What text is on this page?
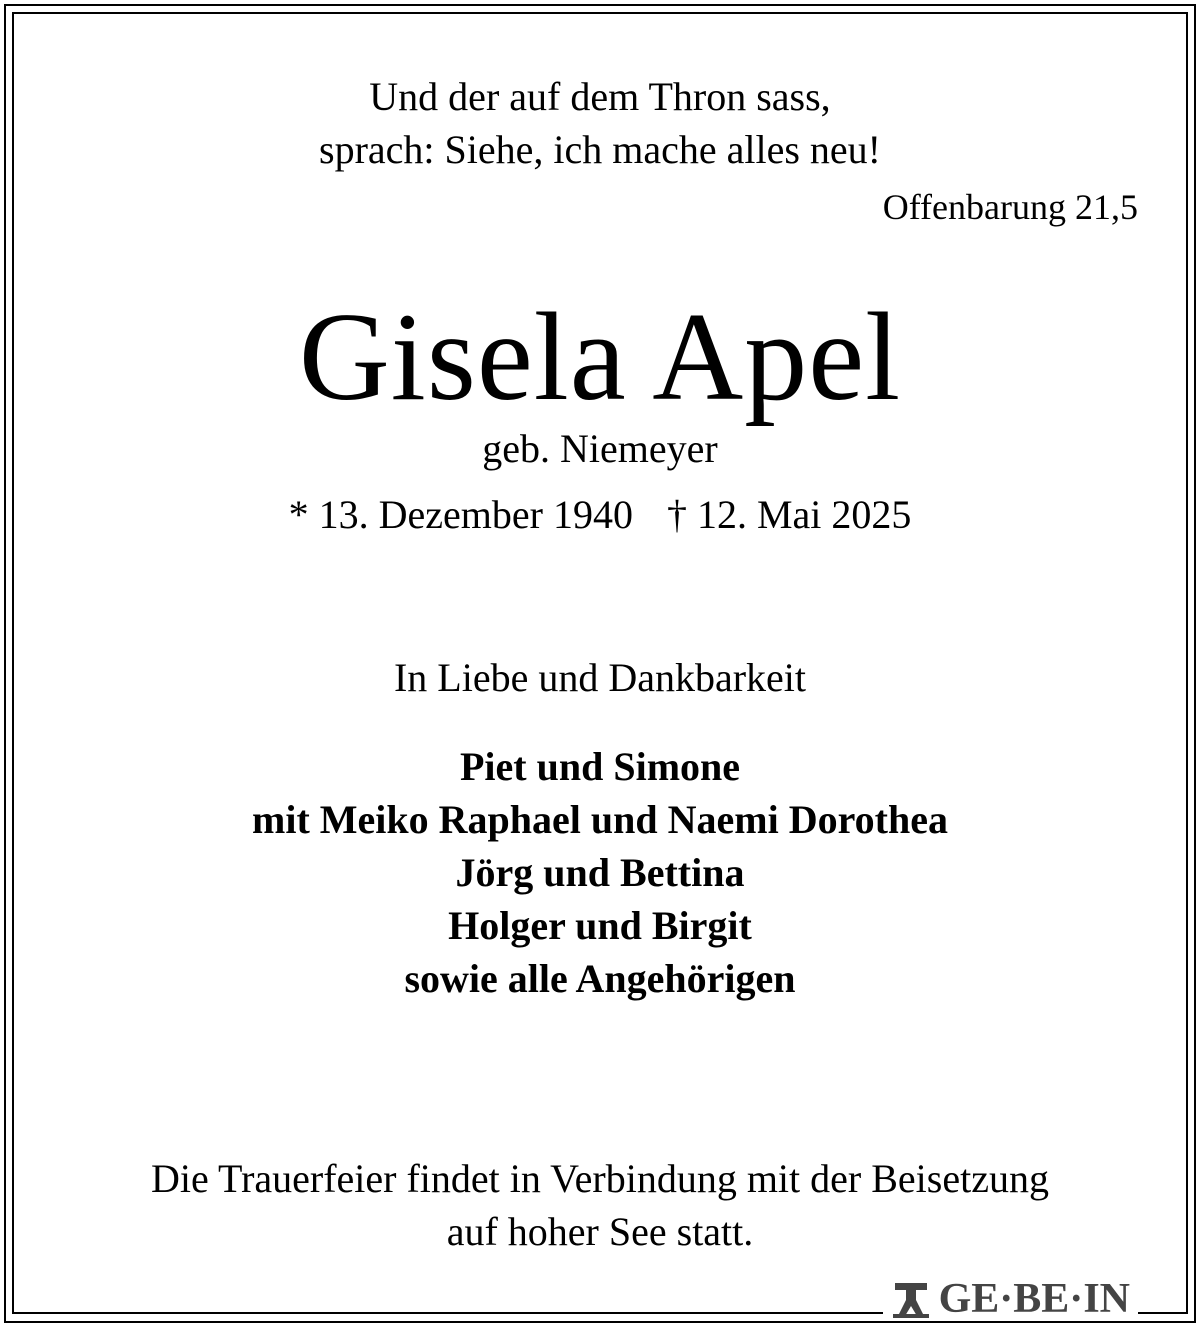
Und der auf dem Thron sass,
sprach: Siehe, ich mache alles neu!
Offenbarung 21,5
Gisela Apel
geb. Niemeyer
* 13. Dezember 1940 † 12. Mai 2025
In Liebe und Dankbarkeit
Piet und Simone
mit Meiko Raphael und Naemi Dorothea
Jörg und Bettina
Holger und Birgit
sowie alle Angehörigen
Die Trauerfeier findet in Verbindung mit der Beisetzung
auf hoher See statt.
GE·BE·IN
